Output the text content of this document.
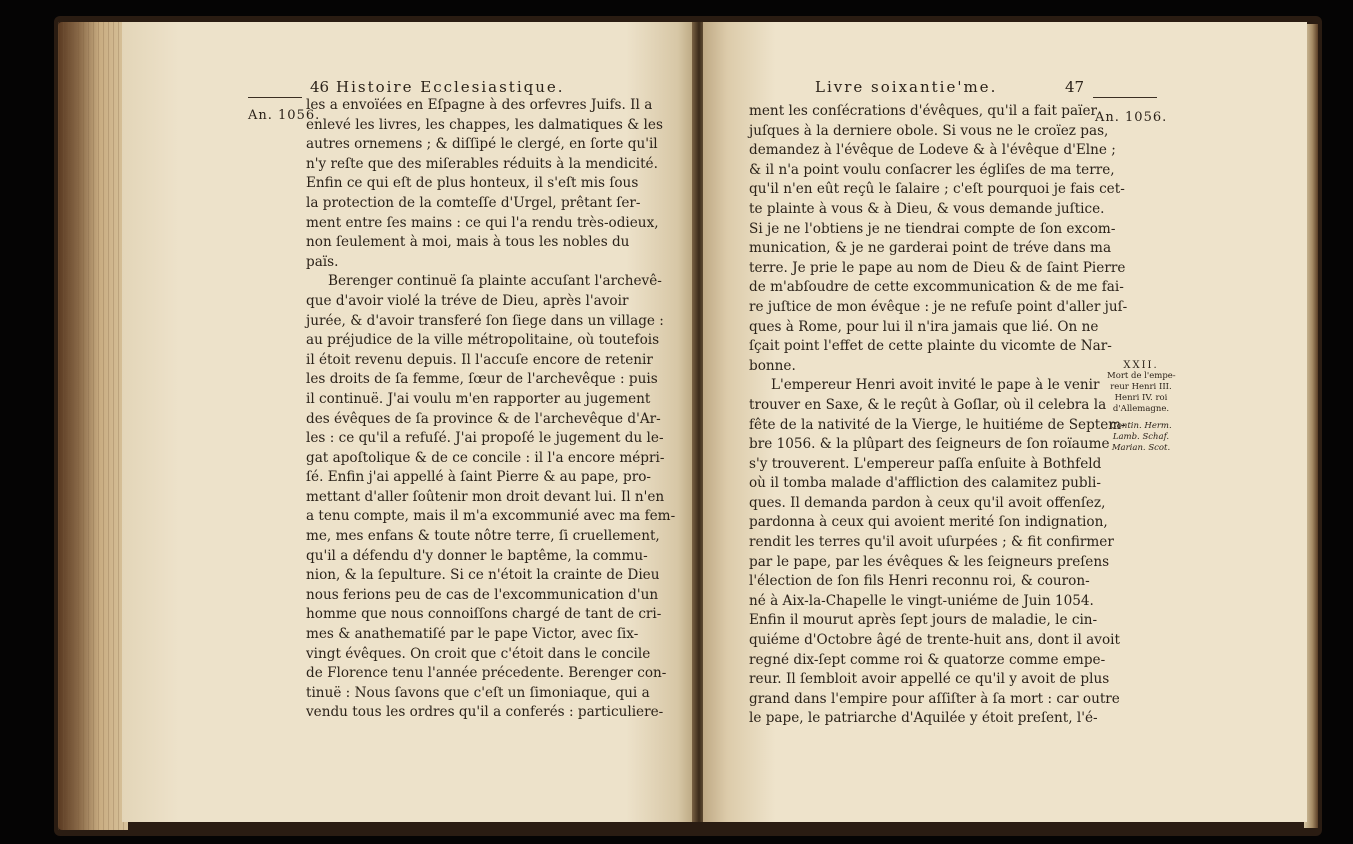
46 Histoire Ecclesiastique.
An. 1056.
les a envoïées en Eſpagne à des orfevres Juifs. Il a
enlevé les livres, les chappes, les dalmatiques & les
autres ornemens ; & diſſipé le clergé, en ſorte qu'il
n'y reſte que des miſerables réduits à la mendicité.
Enfin ce qui eſt de plus honteux, il s'eſt mis ſous
la protection de la comteſſe d'Urgel, prêtant ſer-
ment entre ſes mains : ce qui l'a rendu très-odieux,
non ſeulement à moi, mais à tous les nobles du
païs.
Berenger continuë ſa plainte accuſant l'archevê-
que d'avoir violé la tréve de Dieu, après l'avoir
jurée, & d'avoir transferé ſon ſiege dans un village :
au préjudice de la ville métropolitaine, où toutefois
il étoit revenu depuis. Il l'accuſe encore de retenir
les droits de ſa femme, ſœur de l'archevêque : puis
il continuë. J'ai voulu m'en rapporter au jugement
des évêques de ſa province & de l'archevêque d'Ar-
les : ce qu'il a refuſé. J'ai propoſé le jugement du le-
gat apoſtolique & de ce concile : il l'a encore mépri-
ſé. Enfin j'ai appellé à ſaint Pierre & au pape, pro-
mettant d'aller ſoûtenir mon droit devant lui. Il n'en
a tenu compte, mais il m'a excommunié avec ma fem-
me, mes enfans & toute nôtre terre, ſi cruellement,
qu'il a défendu d'y donner le baptême, la commu-
nion, & la ſepulture. Si ce n'étoit la crainte de Dieu
nous ferions peu de cas de l'excommunication d'un
homme que nous connoiſſons chargé de tant de cri-
mes & anathematiſé par le pape Victor, avec ſix-
vingt évêques. On croit que c'étoit dans le concile
de Florence tenu l'année précedente. Berenger con-
tinuë : Nous ſavons que c'eſt un ſimoniaque, qui a
vendu tous les ordres qu'il a conferés : particuliere-
Livre soixantie'me.	47
An. 1056.
ment les conſécrations d'évêques, qu'il a fait païer
juſques à la derniere obole. Si vous ne le croïez pas,
demandez à l'évêque de Lodeve & à l'évêque d'Elne ;
& il n'a point voulu conſacrer les égliſes de ma terre,
qu'il n'en eût reçû le ſalaire ; c'eſt pourquoi je fais cet-
te plainte à vous & à Dieu, & vous demande juſtice.
Si je ne l'obtiens je ne tiendrai compte de ſon excom-
munication, & je ne garderai point de tréve dans ma
terre. Je prie le pape au nom de Dieu & de ſaint Pierre
de m'abſoudre de cette excommunication & de me fai-
re juſtice de mon évêque : je ne refuſe point d'aller juſ-
ques à Rome, pour lui il n'ira jamais que lié. On ne
ſçait point l'effet de cette plainte du vicomte de Nar-
bonne.
L'empereur Henri avoit invité le pape à le venir
trouver en Saxe, & le reçût à Goſlar, où il celebra la
fête de la nativité de la Vierge, le huitiéme de Septem-
bre 1056. & la plûpart des ſeigneurs de ſon roïaume
s'y trouverent. L'empereur paſſa enſuite à Bothfeld
où il tomba malade d'affliction des calamitez publi-
ques. Il demanda pardon à ceux qu'il avoit offenſez,
pardonna à ceux qui avoient merité ſon indignation,
rendit les terres qu'il avoit uſurpées ; & fit confirmer
par le pape, par les évêques & les ſeigneurs preſens
l'élection de ſon fils Henri reconnu roi, & couron-
né à Aix-la-Chapelle le vingt-uniéme de Juin 1054.
Enfin il mourut après ſept jours de maladie, le cin-
quiéme d'Octobre âgé de trente-huit ans, dont il avoit
regné dix-ſept comme roi & quatorze comme empe-
reur. Il ſembloit avoir appellé ce qu'il y avoit de plus
grand dans l'empire pour aſſiſter à ſa mort : car outre
le pape, le patriarche d'Aquilée y étoit preſent, l'é-
XXII.
Mort de l'empe-
reur Henri III.
Henri IV. roi
d'Allemagne.
Contin. Herm.
Lamb. Schaf.
Marian. Scot.
